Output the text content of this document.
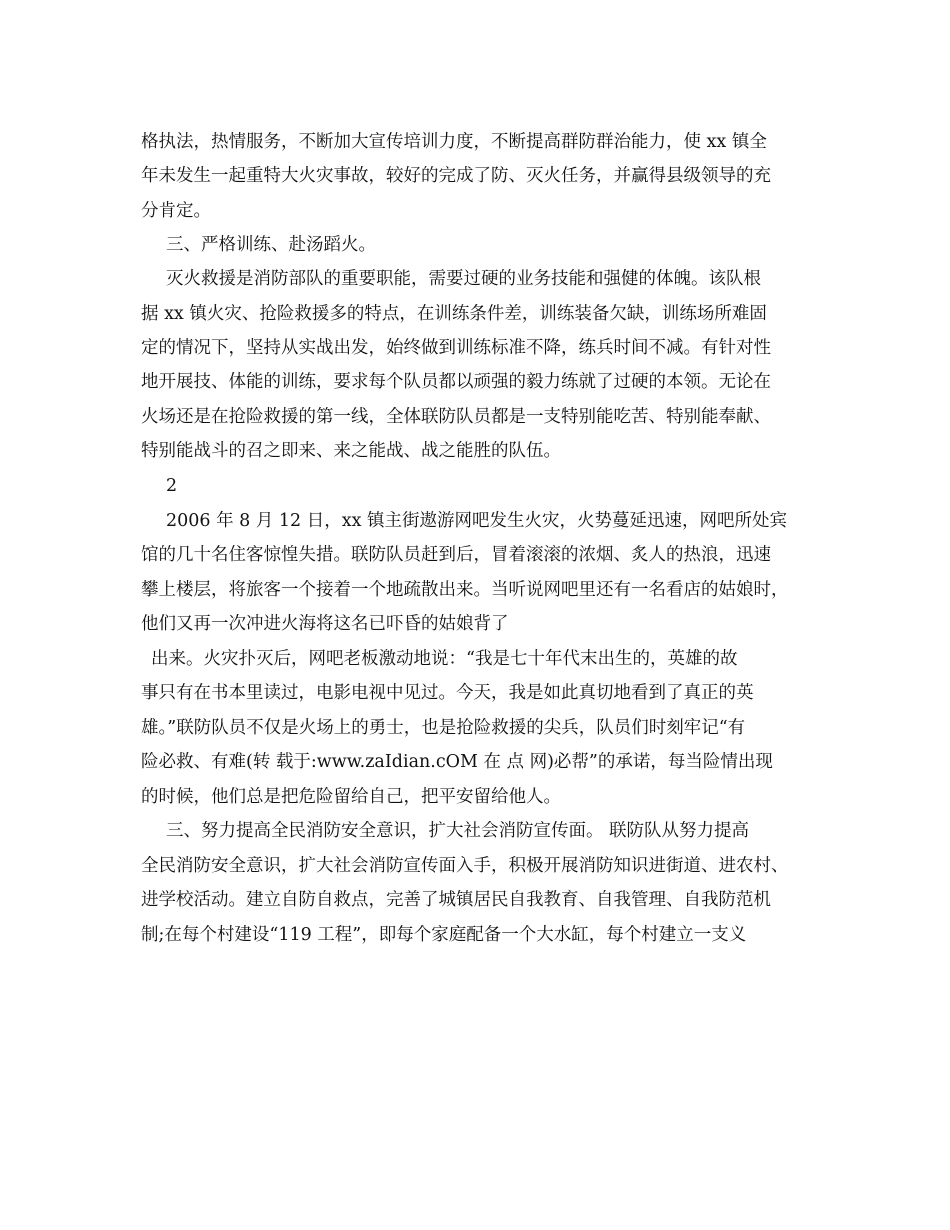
格执法，热情服务，不断加大宣传培训力度，不断提高群防群治能力，使 xx 镇全
年未发生一起重特大火灾事故，较好的完成了防、灭火任务，并赢得县级领导的充
分肯定。
三、严格训练、赴汤蹈火。
灭火救援是消防部队的重要职能，需要过硬的业务技能和强健的体魄。该队根
据 xx 镇火灾、抢险救援多的特点，在训练条件差，训练装备欠缺，训练场所难固
定的情况下，坚持从实战出发，始终做到训练标准不降，练兵时间不减。有针对性
地开展技、体能的训练，要求每个队员都以顽强的毅力练就了过硬的本领。无论在
火场还是在抢险救援的第一线，全体联防队员都是一支特别能吃苦、特别能奉献、
特别能战斗的召之即来、来之能战、战之能胜的队伍。
2
2006 年 8 月 12 日，xx 镇主街遨游网吧发生火灾，火势蔓延迅速，网吧所处宾
馆的几十名住客惊惶失措。联防队员赶到后，冒着滚滚的浓烟、炙人的热浪，迅速
攀上楼层，将旅客一个接着一个地疏散出来。当听说网吧里还有一名看店的姑娘时，
他们又再一次冲进火海将这名已吓昏的姑娘背了
出来。火灾扑灭后，网吧老板激动地说：“我是七十年代末出生的，英雄的故
事只有在书本里读过，电影电视中见过。今天，我是如此真切地看到了真正的英
雄。”联防队员不仅是火场上的勇士，也是抢险救援的尖兵，队员们时刻牢记“有
险必救、有难(转 载于:www.zaIdian.cOM 在 点 网)必帮”的承诺，每当险情出现
的时候，他们总是把危险留给自己，把平安留给他人。
三、努力提高全民消防安全意识，扩大社会消防宣传面。 联防队从努力提高
全民消防安全意识，扩大社会消防宣传面入手，积极开展消防知识进街道、进农村、
进学校活动。建立自防自救点，完善了城镇居民自我教育、自我管理、自我防范机
制;在每个村建设“119 工程”，即每个家庭配备一个大水缸，每个村建立一支义
